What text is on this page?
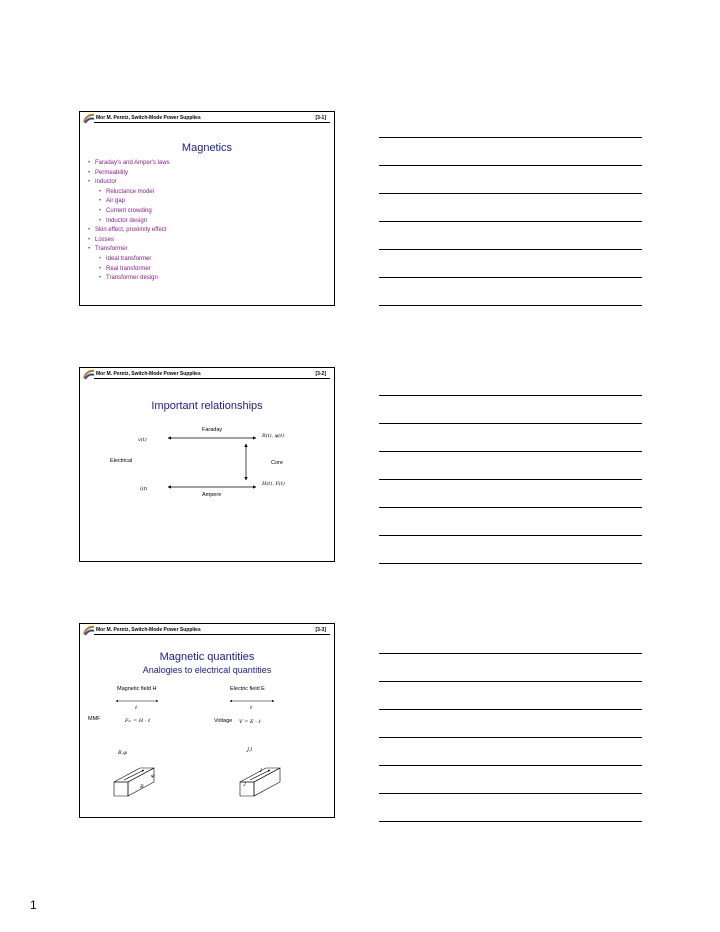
Mor M. Peretz, Switch-Mode Power Supplies	[3-1]
Magnetics
• Faraday's and Amper's laws
• Permeability
• Inductor
• Reluctance model
• Air gap
• Current crowding
• Inductor design
• Skin effect, proximity effect
• Losses
• Transformer
• Ideal transformer
• Real transformer
• Transformer design
Mor M. Peretz, Switch-Mode Power Supplies	[3-2]
Important relationships
Faraday
B(t), φ(t)
v(t)
Electrical	Core
H(t), F(t)
i(t)
Ampere
Mor M. Peretz, Switch-Mode Power Supplies	[3-3]
Magnetic quantities
Analogies to electrical quantities
Magnetic field H	Electric field E
ℓ	ℓ
MMF	Fₘ = H · ℓ	Voltage V = E · ℓ
B,φ	J,I
φ
B
I
J
1
